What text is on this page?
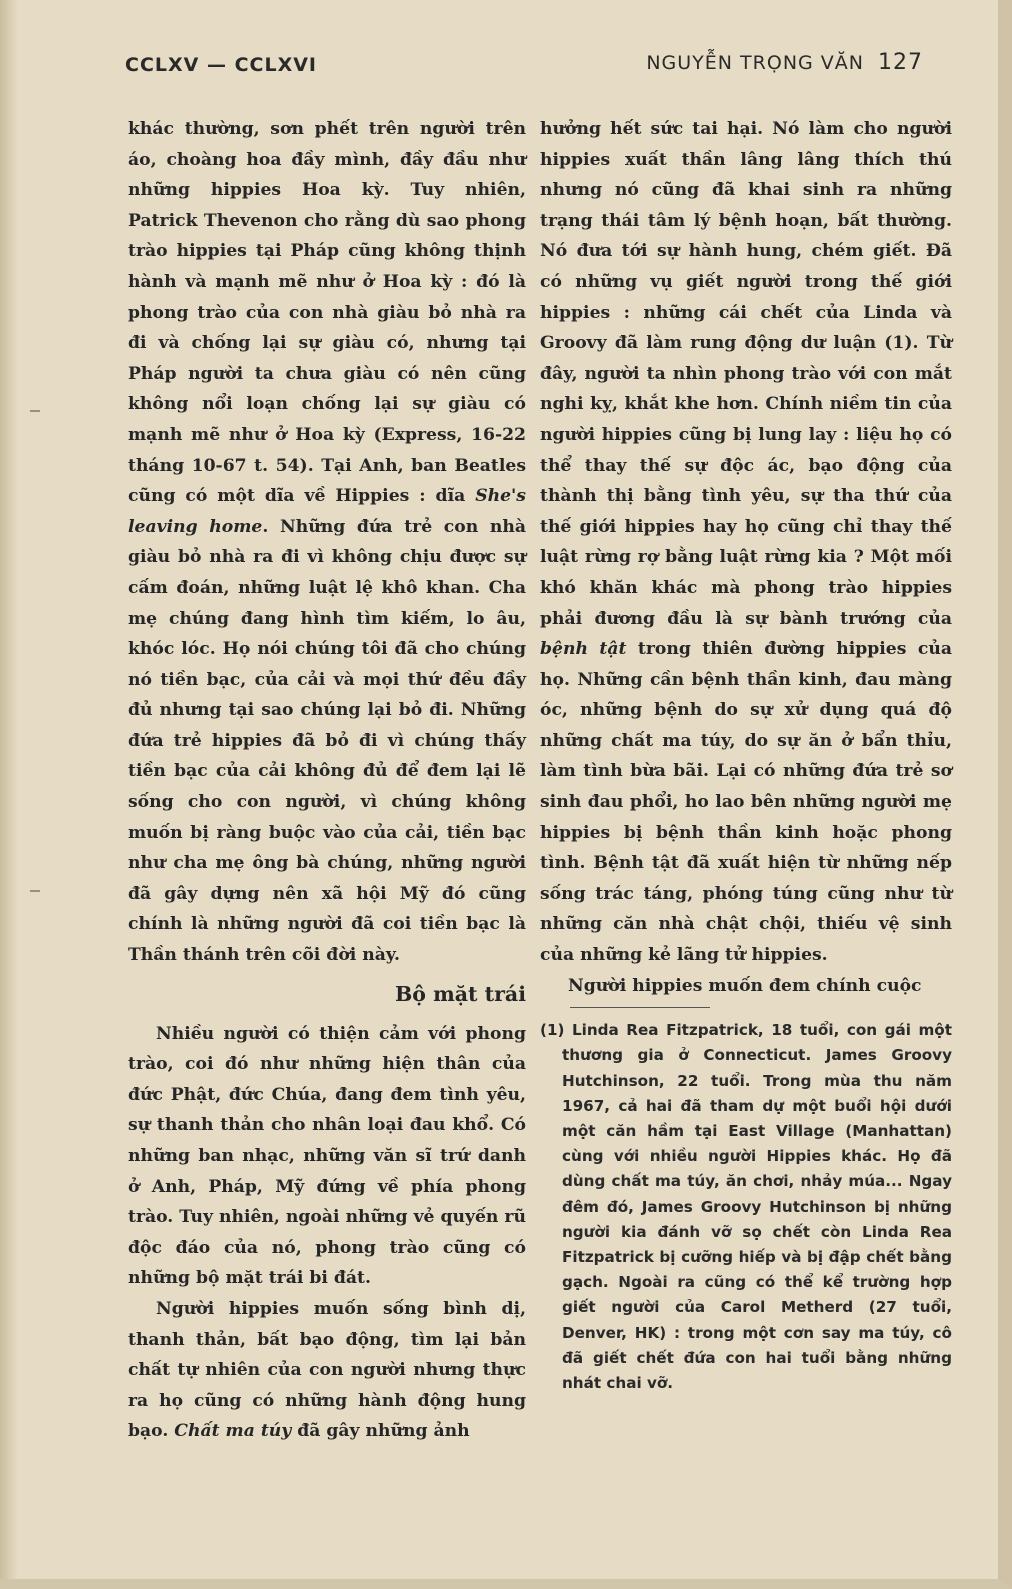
CCLXV — CCLXVI	NGUYỄN TRỌNG VĂN 127

khác thường, sơn phết trên người trên áo, choàng hoa đầy mình, đầy đầu như những hippies Hoa kỳ. Tuy nhiên, Patrick Thevenon cho rằng dù sao phong trào hippies tại Pháp cũng không thịnh hành và mạnh mẽ như ở Hoa kỳ : đó là phong trào của con nhà giàu bỏ nhà ra đi và chống lại sự giàu có, nhưng tại Pháp người ta chưa giàu có nên cũng không nổi loạn chống lại sự giàu có mạnh mẽ như ở Hoa kỳ (Express, 16-22 tháng 10-67 t. 54). Tại Anh, ban Beatles cũng có một dĩa về Hippies : dĩa She's leaving home. Những đứa trẻ con nhà giàu bỏ nhà ra đi vì không chịu được sự cấm đoán, những luật lệ khô khan. Cha mẹ chúng đang hình tìm kiếm, lo âu, khóc lóc. Họ nói chúng tôi đã cho chúng nó tiền bạc, của cải và mọi thứ đều đầy đủ nhưng tại sao chúng lại bỏ đi. Những đứa trẻ hippies đã bỏ đi vì chúng thấy tiền bạc của cải không đủ để đem lại lẽ sống cho con người, vì chúng không muốn bị ràng buộc vào của cải, tiền bạc như cha mẹ ông bà chúng, những người đã gây dựng nên xã hội Mỹ đó cũng chính là những người đã coi tiền bạc là Thần thánh trên cõi đời này.

Bộ mặt trái

Nhiều người có thiện cảm với phong trào, coi đó như những hiện thân của đức Phật, đức Chúa, đang đem tình yêu, sự thanh thản cho nhân loại đau khổ. Có những ban nhạc, những văn sĩ trứ danh ở Anh, Pháp, Mỹ đứng về phía phong trào. Tuy nhiên, ngoài những vẻ quyến rũ độc đáo của nó, phong trào cũng có những bộ mặt trái bi đát.

Người hippies muốn sống bình dị, thanh thản, bất bạo động, tìm lại bản chất tự nhiên của con người nhưng thực ra họ cũng có những hành động hung bạo. Chất ma túy đã gây những ảnh

hưởng hết sức tai hại. Nó làm cho người hippies xuất thần lâng lâng thích thú nhưng nó cũng đã khai sinh ra những trạng thái tâm lý bệnh hoạn, bất thường. Nó đưa tới sự hành hung, chém giết. Đã có những vụ giết người trong thế giới hippies : những cái chết của Linda và Groovy đã làm rung động dư luận (1). Từ đây, người ta nhìn phong trào với con mắt nghi kỵ, khắt khe hơn. Chính niềm tin của người hippies cũng bị lung lay : liệu họ có thể thay thế sự độc ác, bạo động của thành thị bằng tình yêu, sự tha thứ của thế giới hippies hay họ cũng chỉ thay thế luật rừng rợ bằng luật rừng kia ? Một mối khó khăn khác mà phong trào hippies phải đương đầu là sự bành trướng của bệnh tật trong thiên đường hippies của họ. Những cần bệnh thần kinh, đau màng óc, những bệnh do sự xử dụng quá độ những chất ma túy, do sự ăn ở bẩn thỉu, làm tình bừa bãi. Lại có những đứa trẻ sơ sinh đau phổi, ho lao bên những người mẹ hippies bị bệnh thần kinh hoặc phong tình. Bệnh tật đã xuất hiện từ những nếp sống trác táng, phóng túng cũng như từ những căn nhà chật chội, thiếu vệ sinh của những kẻ lãng tử hippies.

Người hippies muốn đem chính cuộc

(1) Linda Rea Fitzpatrick, 18 tuổi, con gái một thương gia ở Connecticut. James Groovy Hutchinson, 22 tuổi. Trong mùa thu năm 1967, cả hai đã tham dự một buổi hội dưới một căn hầm tại East Village (Manhattan) cùng với nhiều người Hippies khác. Họ đã dùng chất ma túy, ăn chơi, nhảy múa... Ngay đêm đó, James Groovy Hutchinson bị những người kia đánh vỡ sọ chết còn Linda Rea Fitzpatrick bị cưỡng hiếp và bị đập chết bằng gạch. Ngoài ra cũng có thể kể trường hợp giết người của Carol Metherd (27 tuổi, Denver, HK) : trong một cơn say ma túy, cô đã giết chết đứa con hai tuổi bằng những nhát chai vỡ.
